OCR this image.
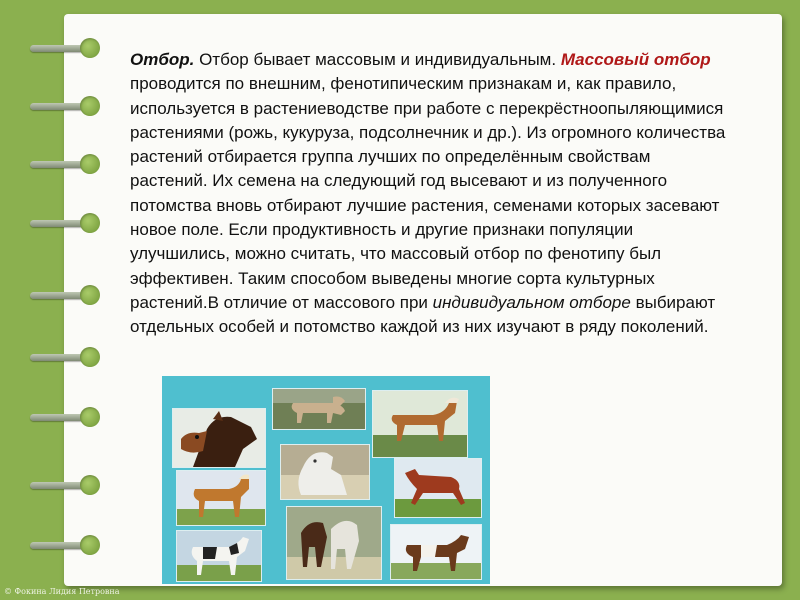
Отбор. Отбор бывает массовым и индивидуальным. Массовый отбор проводится по внешним, фенотипическим признакам и, как правило, используется в растениеводстве при работе с перекрёстноопыляющимися растениями (рожь, кукуруза, подсолнечник и др.). Из огромного количества растений отбирается группа лучших по определённым свойствам растений. Их семена на следующий год высевают и из полученного потомства вновь отбирают лучшие растения, семенами которых засевают новое поле. Если продуктивность и другие признаки популяции улучшились, можно считать, что массовый отбор по фенотипу был эффективен. Таким способом выведены многие сорта культурных растений.В отличие от массового при индивидуальном отборе выбирают отдельных особей и потомство каждой из них изучают в ряду поколений.

© Фокина Лидия Петровна
